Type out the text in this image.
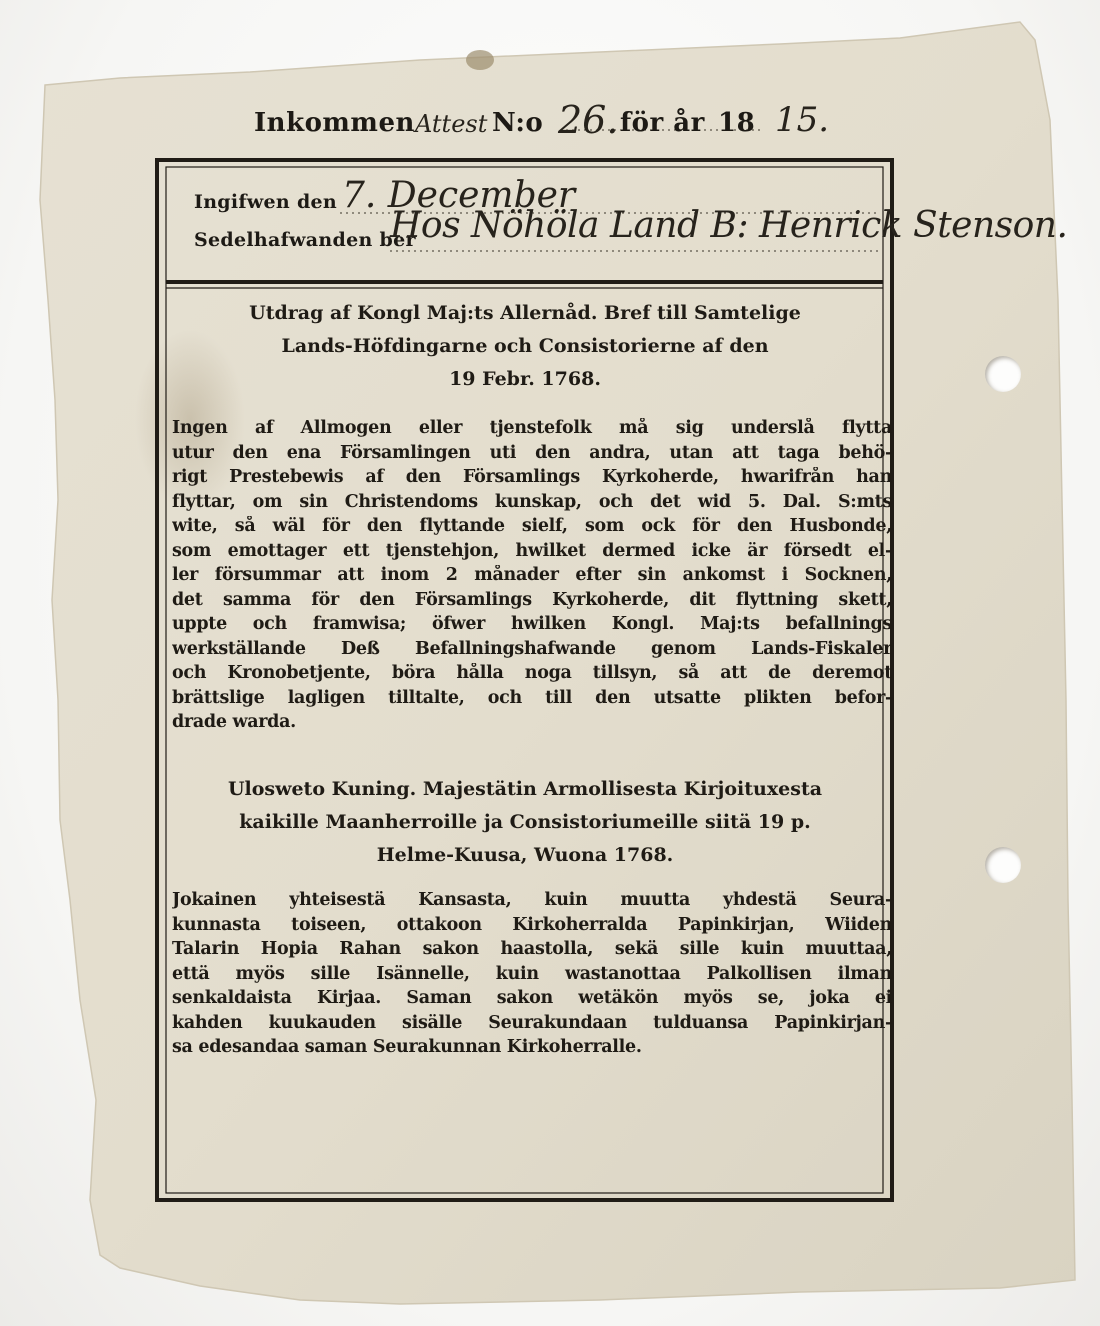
Inkommen Attest N:o 26. för år 18 15.
Ingifwen den 7. December
Sedelhafwanden ber
Hos Nöhöla Land B: Henrick Stenson.
Utdrag af Kongl Maj:ts Allernåd. Bref till Samtelige
Lands-Höfdingarne och Consistorierne af den
19 Febr. 1768.
Ingen af Allmogen eller tjenstefolk må sig underslå flytta
utur den ena Församlingen uti den andra, utan att taga behö-
rigt Prestebewis af den Församlings Kyrkoherde, hwarifrån han
flyttar, om sin Christendoms kunskap, och det wid 5. Dal. S:mts
wite, så wäl för den flyttande sielf, som ock för den Husbonde,
som emottager ett tjenstehjon, hwilket dermed icke är försedt el-
ler försummar att inom 2 månader efter sin ankomst i Socknen,
det samma för den Församlings Kyrkoherde, dit flyttning skett,
uppte och framwisa; öfwer hwilken Kongl. Maj:ts befallnings
werkställande Deß Befallningshafwande genom Lands-Fiskaler
och Kronobetjente, böra hålla noga tillsyn, så att de deremot
brättslige lagligen tilltalte, och till den utsatte plikten befor-
drade warda.
Ulosweto Kuning. Majestätin Armollisesta Kirjoituxesta
kaikille Maanherroille ja Consistoriumeille siitä 19 p.
Helme-Kuusa, Wuona 1768.
Jokainen yhteisestä Kansasta, kuin muutta yhdestä Seura-
kunnasta toiseen, ottakoon Kirkoherralda Papinkirjan, Wiiden
Talarin Hopia Rahan sakon haastolla, sekä sille kuin muuttaa,
että myös sille Isännelle, kuin wastanottaa Palkollisen ilman
senkaldaista Kirjaa. Saman sakon wetäkön myös se, joka ei
kahden kuukauden sisälle Seurakundaan tulduansa Papinkirjan-
sa edesandaa saman Seurakunnan Kirkoherralle.
